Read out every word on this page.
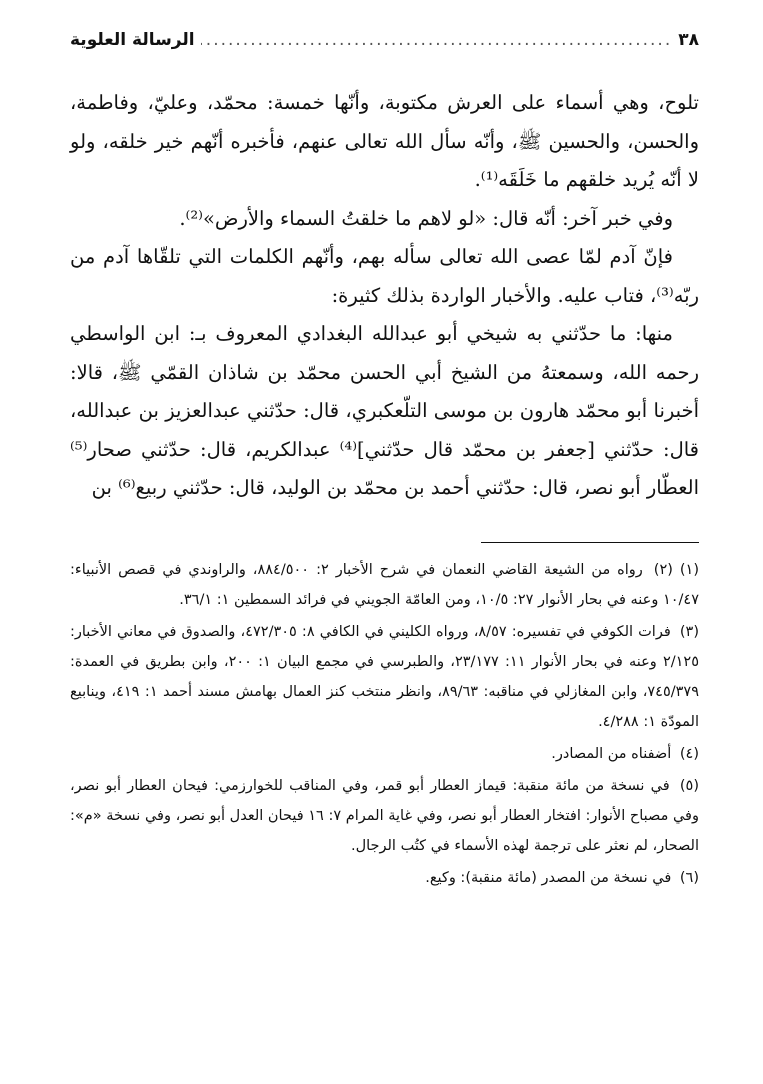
٣٨
.....
الرسالة العلوية

تلوح، وهي أسماء على العرش مكتوبة، وأنّها خمسة: محمّد، وعليّ، وفاطمة، والحسن، والحسين ﷺ، وأنّه سأل الله تعالى عنهم، فأخبره أنّهم خير خلقه، ولو لا أنّه يُريد خلقهم ما خَلَقَه⁽¹⁾.

وفي خبر آخر: أنّه قال: «لو لاهم ما خلقتُ السماء والأرض»⁽²⁾.

فإنّ آدم لمّا عصى الله تعالى سأله بهم، وأنّهم الكلمات التي تلقّاها آدم من ربّه⁽³⁾، فتاب عليه. والأخبار الواردة بذلك كثيرة:

منها: ما حدّثني به شيخي أبو عبدالله البغدادي المعروف بـ: ابن الواسطي رحمه الله، وسمعتهُ من الشيخ أبي الحسن محمّد بن شاذان القمّي ﷺ، قالا: أخبرنا أبو محمّد هارون بن موسى التلّعكبري، قال: حدّثني عبدالعزيز بن عبدالله، قال: حدّثني [جعفر بن محمّد قال حدّثني]⁽⁴⁾ عبدالكريم، قال: حدّثني صحار⁽⁵⁾ العطّار أبو نصر، قال: حدّثني أحمد بن محمّد بن الوليد، قال: حدّثني ربيع⁽⁶⁾ بن

(١) (٢) رواه من الشيعة القاضي النعمان في شرح الأخبار ٢: ٨٨٤/٥٠٠، والراوندي في قصص الأنبياء: ١٠/٤٧ وعنه في بحار الأنوار ٢٧: ١٠/٥، ومن العامّة الجويني في فرائد السمطين ١: ٣٦/١.

(٣) فرات الكوفي في تفسيره: ٨/٥٧، ورواه الكليني في الكافي ٨: ٤٧٢/٣٠٥، والصدوق في معاني الأخبار: ٢/١٢٥ وعنه في بحار الأنوار ١١: ٢٣/١٧٧، والطبرسي في مجمع البيان ١: ٢٠٠، وابن بطريق في العمدة: ٧٤٥/٣٧٩، وابن المغازلي في مناقبه: ٨٩/٦٣، وانظر منتخب كنز العمال بهامش مسند أحمد ١: ٤١٩، وينابيع المودّة ١: ٤/٢٨٨.

(٤) أضفناه من المصادر.

(٥) في نسخة من مائة منقبة: قيماز العطار أبو قمر، وفي المناقب للخوارزمي: فيحان العطار أبو نصر، وفي مصباح الأنوار: افتخار العطار أبو نصر، وفي غاية المرام ٧: ١٦ فيحان العدل أبو نصر، وفي نسخة «م»: الصحار، لم نعثر على ترجمة لهذه الأسماء في كتُب الرجال.

(٦) في نسخة من المصدر (مائة منقبة): وكيع.
